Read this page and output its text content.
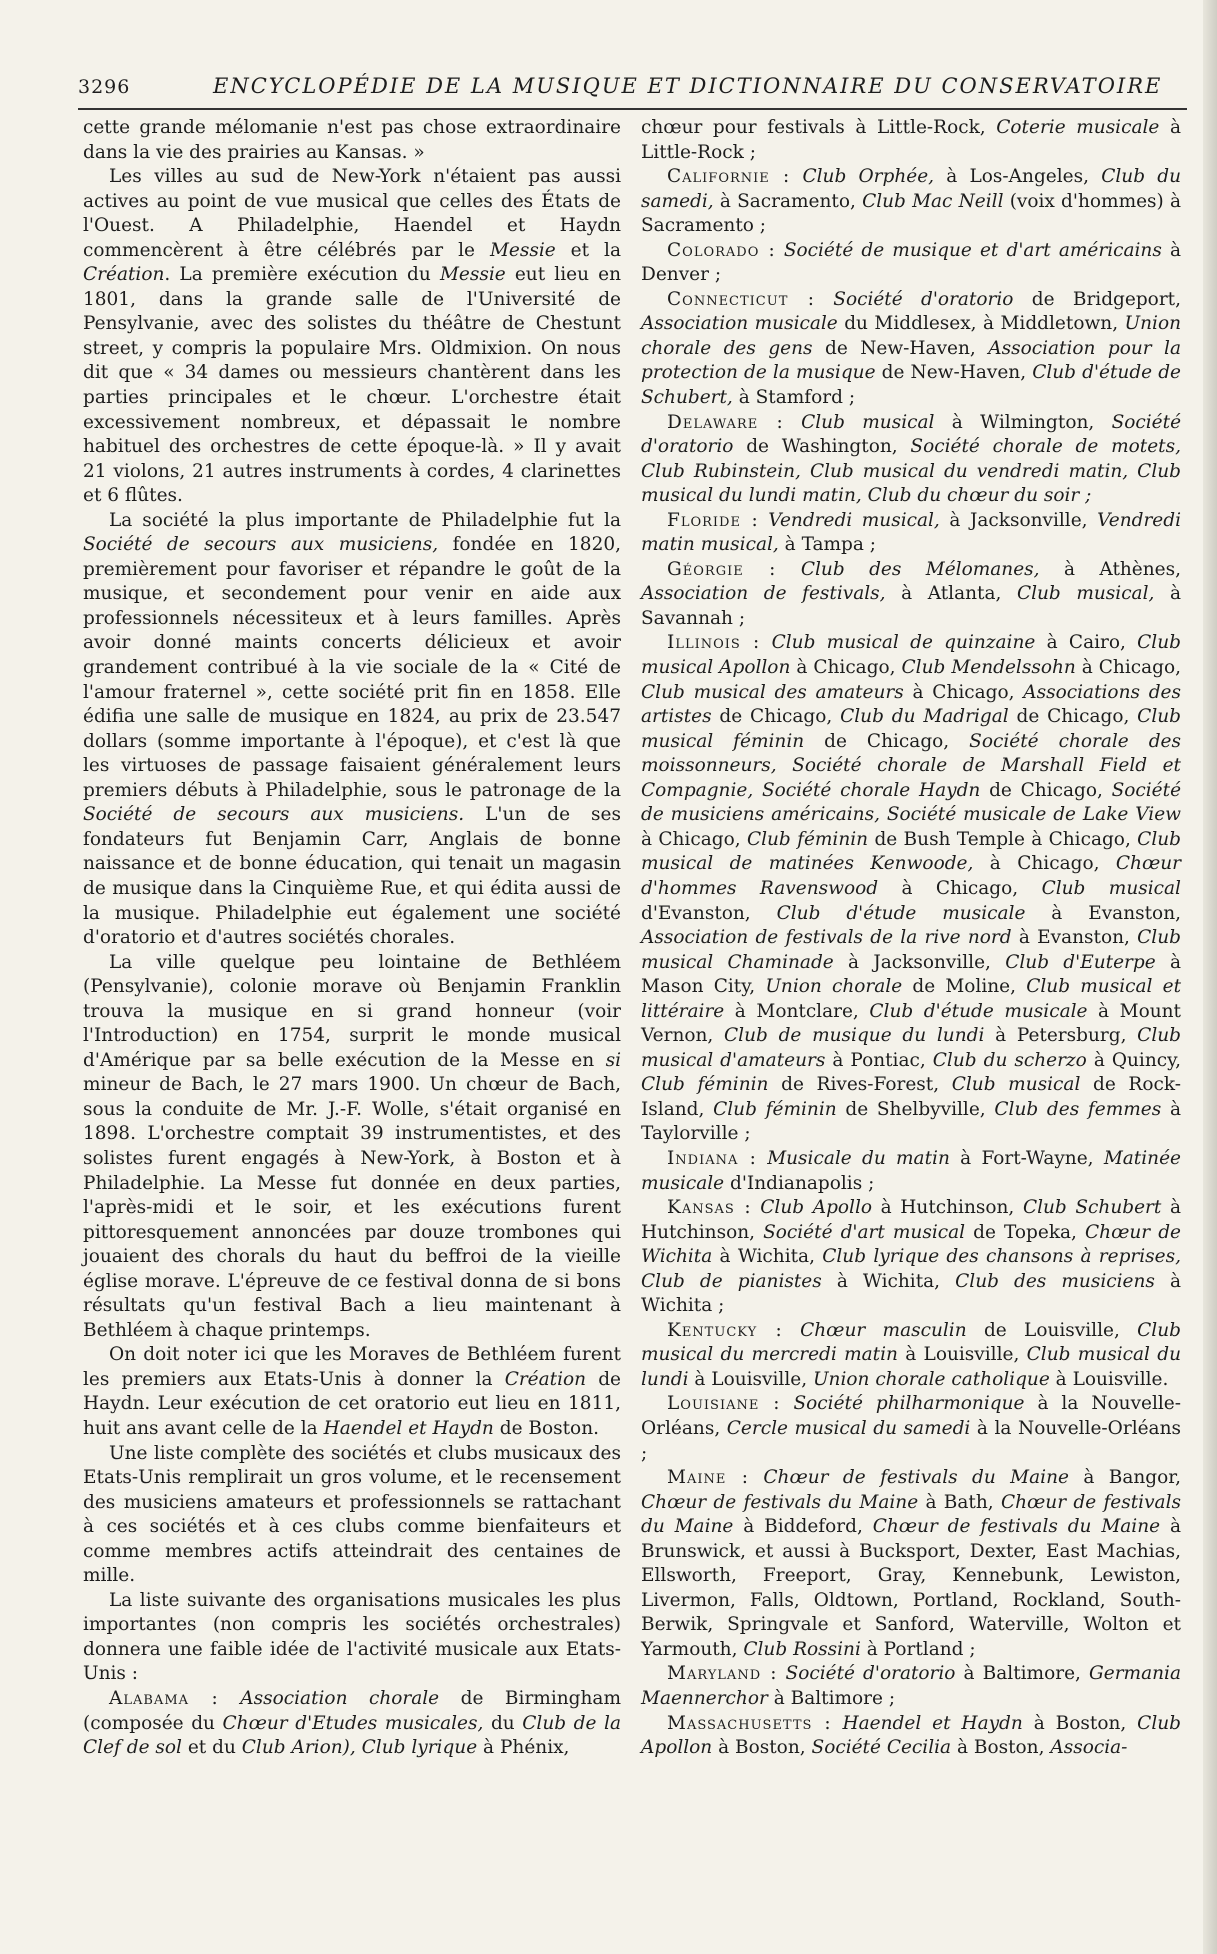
3296	ENCYCLOPÉDIE DE LA MUSIQUE ET DICTIONNAIRE DU CONSERVATOIRE

cette grande mélomanie n'est pas chose extraordinaire dans la vie des prairies au Kansas. »

Les villes au sud de New-York n'étaient pas aussi actives au point de vue musical que celles des États de l'Ouest. A Philadelphie, Haendel et Haydn commencèrent à être célébrés par le Messie et la Création. La première exécution du Messie eut lieu en 1801, dans la grande salle de l'Université de Pensylvanie, avec des solistes du théâtre de Chestunt street, y compris la populaire Mrs. Oldmixion. On nous dit que « 34 dames ou messieurs chantèrent dans les parties principales et le chœur. L'orchestre était excessivement nombreux, et dépassait le nombre habituel des orchestres de cette époque-là. » Il y avait 21 violons, 21 autres instruments à cordes, 4 clarinettes et 6 flûtes.

La société la plus importante de Philadelphie fut la Société de secours aux musiciens, fondée en 1820, premièrement pour favoriser et répandre le goût de la musique, et secondement pour venir en aide aux professionnels nécessiteux et à leurs familles. Après avoir donné maints concerts délicieux et avoir grandement contribué à la vie sociale de la « Cité de l'amour fraternel », cette société prit fin en 1858. Elle édifia une salle de musique en 1824, au prix de 23.547 dollars (somme importante à l'époque), et c'est là que les virtuoses de passage faisaient généralement leurs premiers débuts à Philadelphie, sous le patronage de la Société de secours aux musiciens. L'un de ses fondateurs fut Benjamin Carr, Anglais de bonne naissance et de bonne éducation, qui tenait un magasin de musique dans la Cinquième Rue, et qui édita aussi de la musique. Philadelphie eut également une société d'oratorio et d'autres sociétés chorales.

La ville quelque peu lointaine de Bethléem (Pensylvanie), colonie morave où Benjamin Franklin trouva la musique en si grand honneur (voir l'Introduction) en 1754, surprit le monde musical d'Amérique par sa belle exécution de la Messe en si mineur de Bach, le 27 mars 1900. Un chœur de Bach, sous la conduite de Mr. J.-F. Wolle, s'était organisé en 1898. L'orchestre comptait 39 instrumentistes, et des solistes furent engagés à New-York, à Boston et à Philadelphie. La Messe fut donnée en deux parties, l'après-midi et le soir, et les exécutions furent pittoresquement annoncées par douze trombones qui jouaient des chorals du haut du beffroi de la vieille église morave. L'épreuve de ce festival donna de si bons résultats qu'un festival Bach a lieu maintenant à Bethléem à chaque printemps.

On doit noter ici que les Moraves de Bethléem furent les premiers aux Etats-Unis à donner la Création de Haydn. Leur exécution de cet oratorio eut lieu en 1811, huit ans avant celle de la Haendel et Haydn de Boston.

Une liste complète des sociétés et clubs musicaux des Etats-Unis remplirait un gros volume, et le recensement des musiciens amateurs et professionnels se rattachant à ces sociétés et à ces clubs comme bienfaiteurs et comme membres actifs atteindrait des centaines de mille.

La liste suivante des organisations musicales les plus importantes (non compris les sociétés orchestrales) donnera une faible idée de l'activité musicale aux Etats-Unis :

Alabama : Association chorale de Birmingham (composée du Chœur d'Etudes musicales, du Club de la Clef de sol et du Club Arion), Club lyrique à Phénix,

chœur pour festivals à Little-Rock, Coterie musicale à Little-Rock ;

Californie : Club Orphée, à Los-Angeles, Club du samedi, à Sacramento, Club Mac Neill (voix d'hommes) à Sacramento ;

Colorado : Société de musique et d'art américains à Denver ;

Connecticut : Société d'oratorio de Bridgeport, Association musicale du Middlesex, à Middletown, Union chorale des gens de New-Haven, Association pour la protection de la musique de New-Haven, Club d'étude de Schubert, à Stamford ;

Delaware : Club musical à Wilmington, Société d'oratorio de Washington, Société chorale de motets, Club Rubinstein, Club musical du vendredi matin, Club musical du lundi matin, Club du chœur du soir ;

Floride : Vendredi musical, à Jacksonville, Vendredi matin musical, à Tampa ;

Géorgie : Club des Mélomanes, à Athènes, Association de festivals, à Atlanta, Club musical, à Savannah ;

Illinois : Club musical de quinzaine à Cairo, Club musical Apollon à Chicago, Club Mendelssohn à Chicago, Club musical des amateurs à Chicago, Associations des artistes de Chicago, Club du Madrigal de Chicago, Club musical féminin de Chicago, Société chorale des moissonneurs, Société chorale de Marshall Field et Compagnie, Société chorale Haydn de Chicago, Société de musiciens américains, Société musicale de Lake View à Chicago, Club féminin de Bush Temple à Chicago, Club musical de matinées Kenwoode, à Chicago, Chœur d'hommes Ravenswood à Chicago, Club musical d'Evanston, Club d'étude musicale à Evanston, Association de festivals de la rive nord à Evanston, Club musical Chaminade à Jacksonville, Club d'Euterpe à Mason City, Union chorale de Moline, Club musical et littéraire à Montclare, Club d'étude musicale à Mount Vernon, Club de musique du lundi à Petersburg, Club musical d'amateurs à Pontiac, Club du scherzo à Quincy, Club féminin de Rives-Forest, Club musical de Rock-Island, Club féminin de Shelbyville, Club des femmes à Taylorville ;

Indiana : Musicale du matin à Fort-Wayne, Matinée musicale d'Indianapolis ;

Kansas : Club Apollo à Hutchinson, Club Schubert à Hutchinson, Société d'art musical de Topeka, Chœur de Wichita à Wichita, Club lyrique des chansons à reprises, Club de pianistes à Wichita, Club des musiciens à Wichita ;

Kentucky : Chœur masculin de Louisville, Club musical du mercredi matin à Louisville, Club musical du lundi à Louisville, Union chorale catholique à Louisville.

Louisiane : Société philharmonique à la Nouvelle-Orléans, Cercle musical du samedi à la Nouvelle-Orléans ;

Maine : Chœur de festivals du Maine à Bangor, Chœur de festivals du Maine à Bath, Chœur de festivals du Maine à Biddeford, Chœur de festivals du Maine à Brunswick, et aussi à Bucksport, Dexter, East Machias, Ellsworth, Freeport, Gray, Kennebunk, Lewiston, Livermon, Falls, Oldtown, Portland, Rockland, South-Berwik, Springvale et Sanford, Waterville, Wolton et Yarmouth, Club Rossini à Portland ;

Maryland : Société d'oratorio à Baltimore, Germania Maennerchor à Baltimore ;

Massachusetts : Haendel et Haydn à Boston, Club Apollon à Boston, Société Cecilia à Boston, Associa-
